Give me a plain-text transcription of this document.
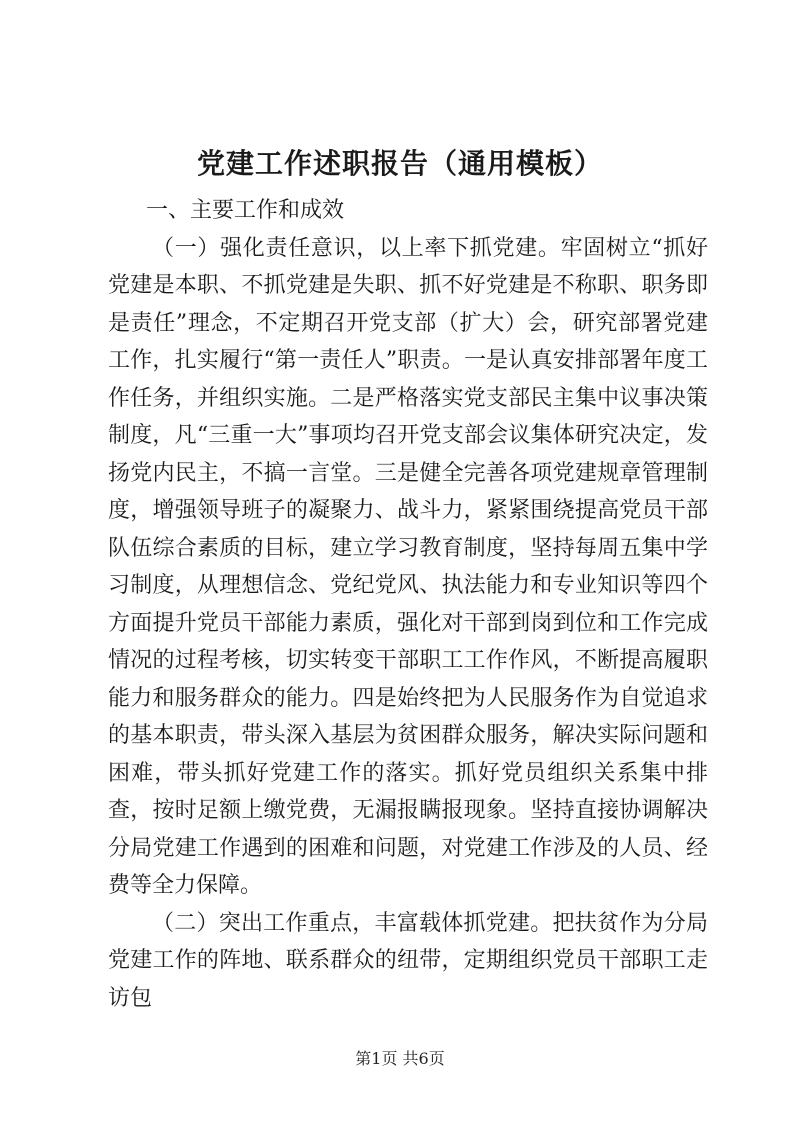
党建工作述职报告（通用模板）

一、主要工作和成效

（一）强化责任意识，以上率下抓党建。牢固树立“抓好党建是本职、不抓党建是失职、抓不好党建是不称职、职务即是责任”理念，不定期召开党支部（扩大）会，研究部署党建工作，扎实履行“第一责任人”职责。一是认真安排部署年度工作任务，并组织实施。二是严格落实党支部民主集中议事决策制度，凡“三重一大”事项均召开党支部会议集体研究决定，发扬党内民主，不搞一言堂。三是健全完善各项党建规章管理制度，增强领导班子的凝聚力、战斗力，紧紧围绕提高党员干部队伍综合素质的目标，建立学习教育制度，坚持每周五集中学习制度，从理想信念、党纪党风、执法能力和专业知识等四个方面提升党员干部能力素质，强化对干部到岗到位和工作完成情况的过程考核，切实转变干部职工工作作风，不断提高履职能力和服务群众的能力。四是始终把为人民服务作为自觉追求的基本职责，带头深入基层为贫困群众服务，解决实际问题和困难，带头抓好党建工作的落实。抓好党员组织关系集中排查，按时足额上缴党费，无漏报瞒报现象。坚持直接协调解决分局党建工作遇到的困难和问题，对党建工作涉及的人员、经费等全力保障。

（二）突出工作重点，丰富载体抓党建。把扶贫作为分局党建工作的阵地、联系群众的纽带，定期组织党员干部职工走访包

第1页 共6页
